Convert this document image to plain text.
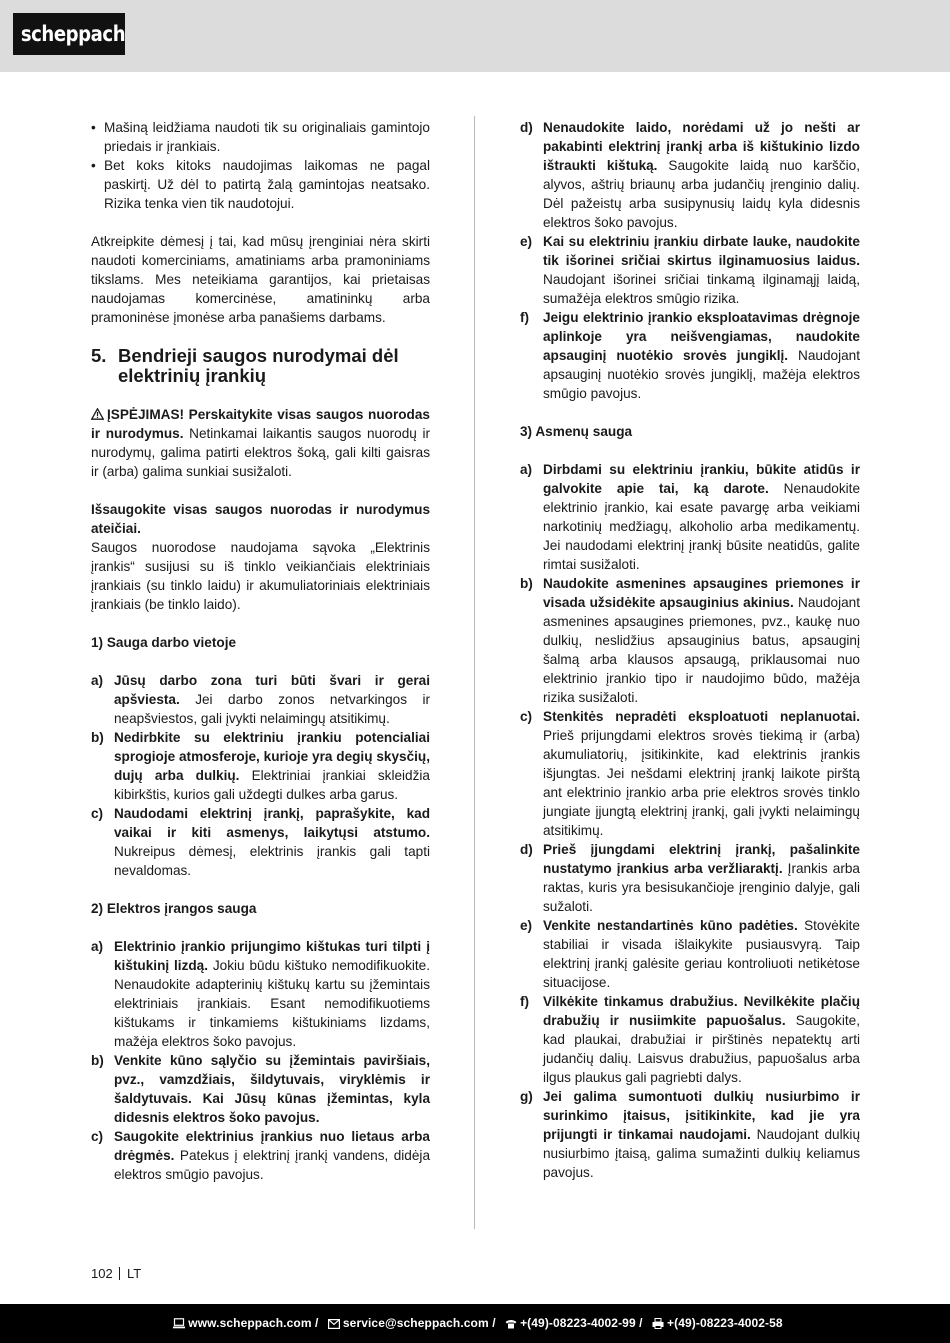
scheppach
• Mašiną leidžiama naudoti tik su originaliais gamintojo priedais ir įrankiais.
• Bet koks kitoks naudojimas laikomas ne pagal paskirtį. Už dėl to patirtą žalą gamintojas neatsako. Rizika tenka vien tik naudotojui.

Atkreipkite dėmesį į tai, kad mūsų įrenginiai nėra skirti naudoti komerciniams, amatiniams arba pramoniniams tikslams. Mes neteikiama garantijos, kai prietaisas naudojamas komercinėse, amatininkų arba pramoninėse įmonėse arba panašiems darbams.

5. Bendrieji saugos nurodymai dėl elektrinių įrankių

ĮSPĖJIMAS! Perskaitykite visas saugos nuorodas ir nurodymus. Netinkamai laikantis saugos nuorodų ir nurodymų, galima patirti elektros šoką, gali kilti gaisras ir (arba) galima sunkiai susižaloti.

Išsaugokite visas saugos nuorodas ir nurodymus ateičiai.

Saugos nuorodose naudojama sąvoka „Elektrinis įrankis“ susijusi su iš tinklo veikiančiais elektriniais įrankiais (su tinklo laidu) ir akumuliatoriniais elektriniais įrankiais (be tinklo laido).

1) Sauga darbo vietoje

a) Jūsų darbo zona turi būti švari ir gerai apšviesta. Jei darbo zonos netvarkingos ir neapšviestos, gali įvykti nelaimingų atsitikimų.
b) Nedirbkite su elektriniu įrankiu potencialiai sprogioje atmosferoje, kurioje yra degių skysčių, dujų arba dulkių. Elektriniai įrankiai skleidžia kibirkštis, kurios gali uždegti dulkes arba garus.
c) Naudodami elektrinį įrankį, paprašykite, kad vaikai ir kiti asmenys, laikytųsi atstumo. Nukreipus dėmesį, elektrinis įrankis gali tapti nevaldomas.

2) Elektros įrangos sauga

a) Elektrinio įrankio prijungimo kištukas turi tilpti į kištukinį lizdą. Jokiu būdu kištuko nemodifikuokite. Nenaudokite adapterinių kištukų kartu su įžemintais elektriniais įrankiais. Esant nemodifikuotiems kištukams ir tinkamiems kištukiniams lizdams, mažėja elektros šoko pavojus.
b) Venkite kūno sąlyčio su įžemintais paviršiais, pvz., vamzdžiais, šildytuvais, viryklėmis ir šaldytuvais. Kai Jūsų kūnas įžemintas, kyla didesnis elektros šoko pavojus.
c) Saugokite elektrinius įrankius nuo lietaus arba drėgmės. Patekus į elektrinį įrankį vandens, didėja elektros smūgio pavojus.
d) Nenaudokite laido, norėdami už jo nešti ar pakabinti elektrinį įrankį arba iš kištukinio lizdo ištraukti kištuką. Saugokite laidą nuo karščio, alyvos, aštrių briaunų arba judančių įrenginio dalių. Dėl pažeistų arba susipynusių laidų kyla didesnis elektros šoko pavojus.
e) Kai su elektriniu įrankiu dirbate lauke, naudokite tik išorinei sričiai skirtus ilginamuosius laidus. Naudojant išorinei sričiai tinkamą ilginamąjį laidą, sumažėja elektros smūgio rizika.
f) Jeigu elektrinio įrankio eksploatavimas drėgnoje aplinkoje yra neišvengiamas, naudokite apsauginį nuotėkio srovės jungiklį. Naudojant apsauginį nuotėkio srovės jungiklį, mažėja elektros smūgio pavojus.

3) Asmenų sauga

a) Dirbdami su elektriniu įrankiu, būkite atidūs ir galvokite apie tai, ką darote. Nenaudokite elektrinio įrankio, kai esate pavargę arba veikiami narkotinių medžiagų, alkoholio arba medikamentų. Jei naudodami elektrinį įrankį būsite neatidūs, galite rimtai susižaloti.
b) Naudokite asmenines apsaugines priemones ir visada užsidėkite apsauginius akinius. Naudojant asmenines apsaugines priemones, pvz., kaukę nuo dulkių, neslidžius apsauginius batus, apsauginį šalmą arba klausos apsaugą, priklausomai nuo elektrinio įrankio tipo ir naudojimo būdo, mažėja rizika susižaloti.
c) Stenkitės nepradėti eksploatuoti neplanuotai. Prieš prijungdami elektros srovės tiekimą ir (arba) akumuliatorių, įsitikinkite, kad elektrinis įrankis išjungtas. Jei nešdami elektrinį įrankį laikote pirštą ant elektrinio įrankio arba prie elektros srovės tinklo jungiate įjungtą elektrinį įrankį, gali įvykti nelaimingų atsitikimų.
d) Prieš įjungdami elektrinį įrankį, pašalinkite nustatymo įrankius arba veržliaraktį. Įrankis arba raktas, kuris yra besisukančioje įrenginio dalyje, gali sužaloti.
e) Venkite nestandartinės kūno padėties. Stovėkite stabiliai ir visada išlaikykite pusiausvyrą. Taip elektrinį įrankį galėsite geriau kontroliuoti netikėtose situacijose.
f) Vilkėkite tinkamus drabužius. Nevilkėkite plačių drabužių ir nusiimkite papuošalus. Saugokite, kad plaukai, drabužiai ir pirštinės nepatektų arti judančių dalių. Laisvus drabužius, papuošalus arba ilgus plaukus gali pagriebti dalys.
g) Jei galima sumontuoti dulkių nusiurbimo ir surinkimo įtaisus, įsitikinkite, kad jie yra prijungti ir tinkamai naudojami. Naudojant dulkių nusiurbimo įtaisą, galima sumažinti dulkių keliamus pavojus.
102 LT
www.scheppach.com / service@scheppach.com / +(49)-08223-4002-99 / +(49)-08223-4002-58
